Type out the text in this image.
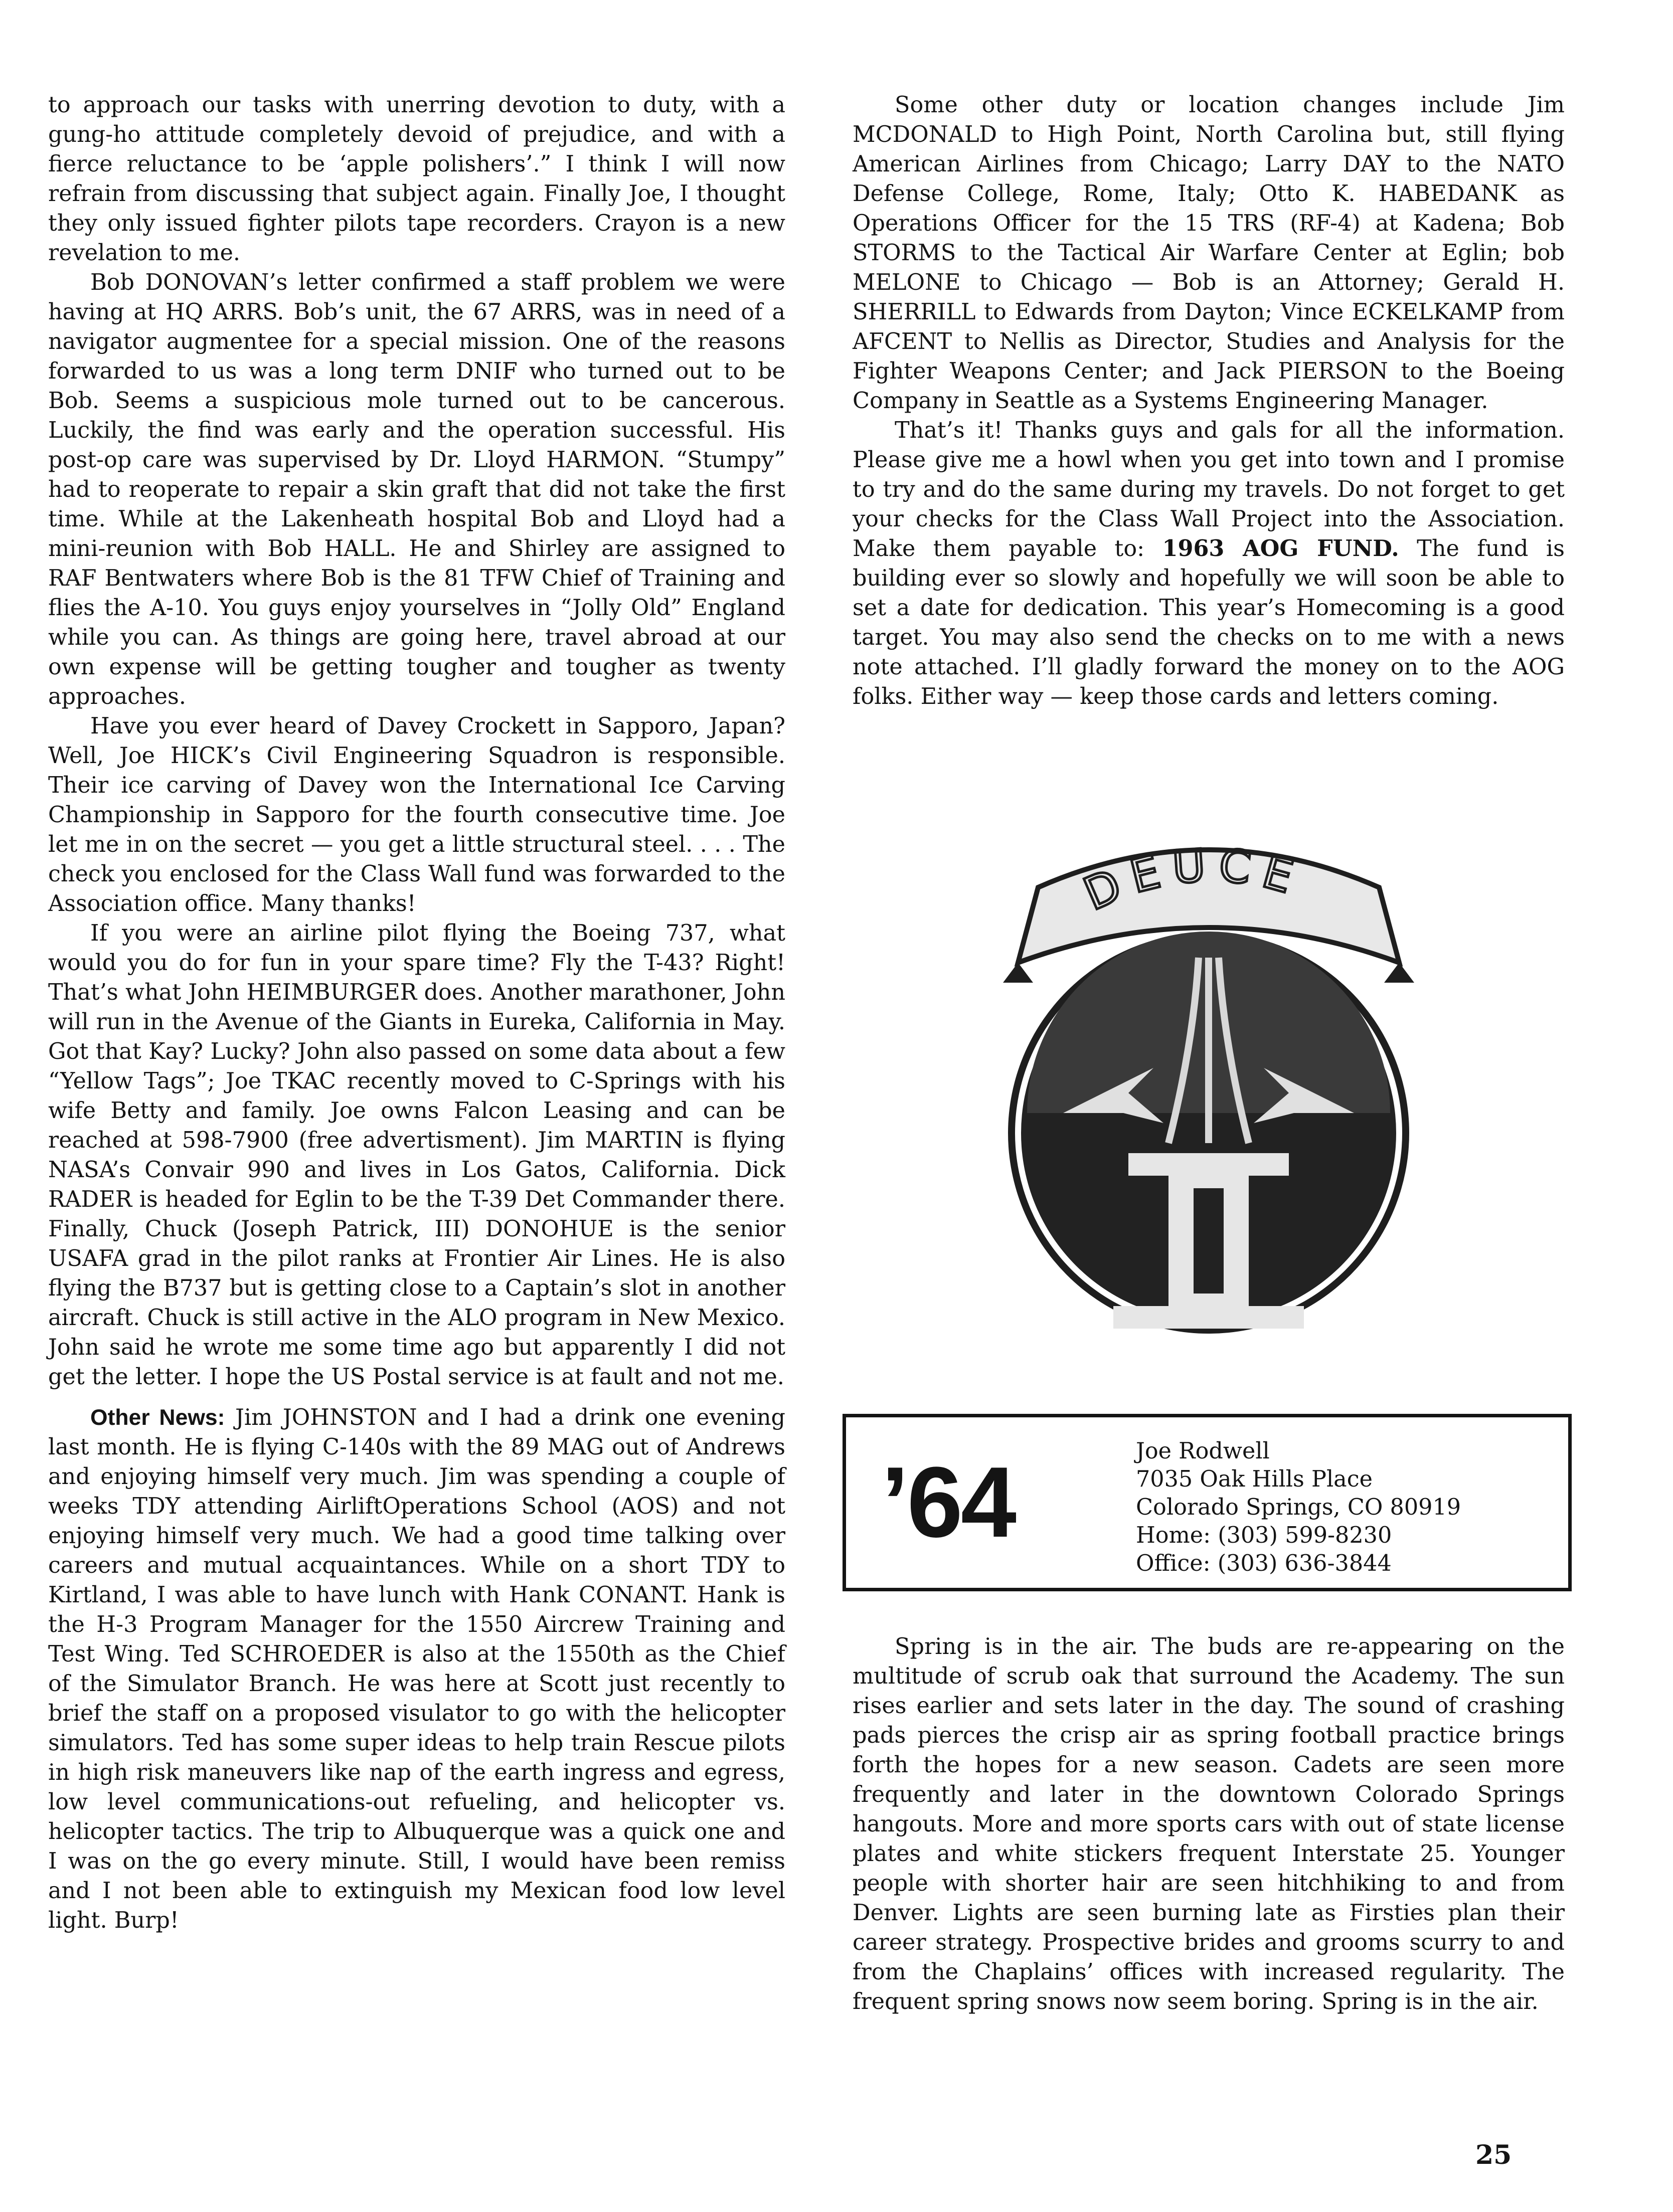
to approach our tasks with unerring devotion to duty, with a gung-ho attitude completely devoid of prejudice, and with a fierce reluctance to be ‘apple polishers’.” I think I will now refrain from discussing that subject again. Finally Joe, I thought they only issued fighter pilots tape recorders. Crayon is a new revelation to me.

Bob DONOVAN’s letter confirmed a staff problem we were having at HQ ARRS. Bob’s unit, the 67 ARRS, was in need of a navigator augmentee for a special mission. One of the reasons forwarded to us was a long term DNIF who turned out to be Bob. Seems a suspicious mole turned out to be cancerous. Luckily, the find was early and the operation successful. His post-op care was supervised by Dr. Lloyd HARMON. “Stumpy” had to reoperate to repair a skin graft that did not take the first time. While at the Lakenheath hospital Bob and Lloyd had a mini-reunion with Bob HALL. He and Shirley are assigned to RAF Bentwaters where Bob is the 81 TFW Chief of Training and flies the A-10. You guys enjoy yourselves in “Jolly Old” England while you can. As things are going here, travel abroad at our own expense will be getting tougher and tougher as twenty approaches.

Have you ever heard of Davey Crockett in Sapporo, Japan? Well, Joe HICK’s Civil Engineering Squadron is responsible. Their ice carving of Davey won the International Ice Carving Championship in Sapporo for the fourth consecutive time. Joe let me in on the secret — you get a little structural steel. . . . The check you enclosed for the Class Wall fund was forwarded to the Association office. Many thanks!

If you were an airline pilot flying the Boeing 737, what would you do for fun in your spare time? Fly the T-43? Right! That’s what John HEIMBURGER does. Another marathoner, John will run in the Avenue of the Giants in Eureka, California in May. Got that Kay? Lucky? John also passed on some data about a few “Yellow Tags”; Joe TKAC recently moved to C-Springs with his wife Betty and family. Joe owns Falcon Leasing and can be reached at 598-7900 (free advertisment). Jim MARTIN is flying NASA’s Convair 990 and lives in Los Gatos, California. Dick RADER is headed for Eglin to be the T-39 Det Commander there. Finally, Chuck (Joseph Patrick, III) DONOHUE is the senior USAFA grad in the pilot ranks at Frontier Air Lines. He is also flying the B737 but is getting close to a Captain’s slot in another aircraft. Chuck is still active in the ALO program in New Mexico. John said he wrote me some time ago but apparently I did not get the letter. I hope the US Postal service is at fault and not me.

Other News: Jim JOHNSTON and I had a drink one evening last month. He is flying C-140s with the 89 MAG out of Andrews and enjoying himself very much. Jim was spending a couple of weeks TDY attending AirliftOperations School (AOS) and not enjoying himself very much. We had a good time talking over careers and mutual acquaintances. While on a short TDY to Kirtland, I was able to have lunch with Hank CONANT. Hank is the H-3 Program Manager for the 1550 Aircrew Training and Test Wing. Ted SCHROEDER is also at the 1550th as the Chief of the Simulator Branch. He was here at Scott just recently to brief the staff on a proposed visulator to go with the helicopter simulators. Ted has some super ideas to help train Rescue pilots in high risk maneuvers like nap of the earth ingress and egress, low level communications-out refueling, and helicopter vs. helicopter tactics. The trip to Albuquerque was a quick one and I was on the go every minute. Still, I would have been remiss and I not been able to extinguish my Mexican food low level light. Burp!

Some other duty or location changes include Jim MCDONALD to High Point, North Carolina but, still flying American Airlines from Chicago; Larry DAY to the NATO Defense College, Rome, Italy; Otto K. HABEDANK as Operations Officer for the 15 TRS (RF-4) at Kadena; Bob STORMS to the Tactical Air Warfare Center at Eglin; bob MELONE to Chicago — Bob is an Attorney; Gerald H. SHERRILL to Edwards from Dayton; Vince ECKELKAMP from AFCENT to Nellis as Director, Studies and Analysis for the Fighter Weapons Center; and Jack PIERSON to the Boeing Company in Seattle as a Systems Engineering Manager.

That’s it! Thanks guys and gals for all the information. Please give me a howl when you get into town and I promise to try and do the same during my travels. Do not forget to get your checks for the Class Wall Project into the Association. Make them payable to: 1963 AOG FUND. The fund is building ever so slowly and hopefully we will soon be able to set a date for dedication. This year’s Homecoming is a good target. You may also send the checks on to me with a news note attached. I’ll gladly forward the money on to the AOG folks. Either way — keep those cards and letters coming.

DEUCE
II
’64	Joe Rodwell
7035 Oak Hills Place
Colorado Springs, CO 80919
Home: (303) 599-8230
Office: (303) 636-3844

Spring is in the air. The buds are re-appearing on the multitude of scrub oak that surround the Academy. The sun rises earlier and sets later in the day. The sound of crashing pads pierces the crisp air as spring football practice brings forth the hopes for a new season. Cadets are seen more frequently and later in the downtown Colorado Springs hangouts. More and more sports cars with out of state license plates and white stickers frequent Interstate 25. Younger people with shorter hair are seen hitchhiking to and from Denver. Lights are seen burning late as Firsties plan their career strategy. Prospective brides and grooms scurry to and from the Chaplains’ offices with increased regularity. The frequent spring snows now seem boring. Spring is in the air.

25
